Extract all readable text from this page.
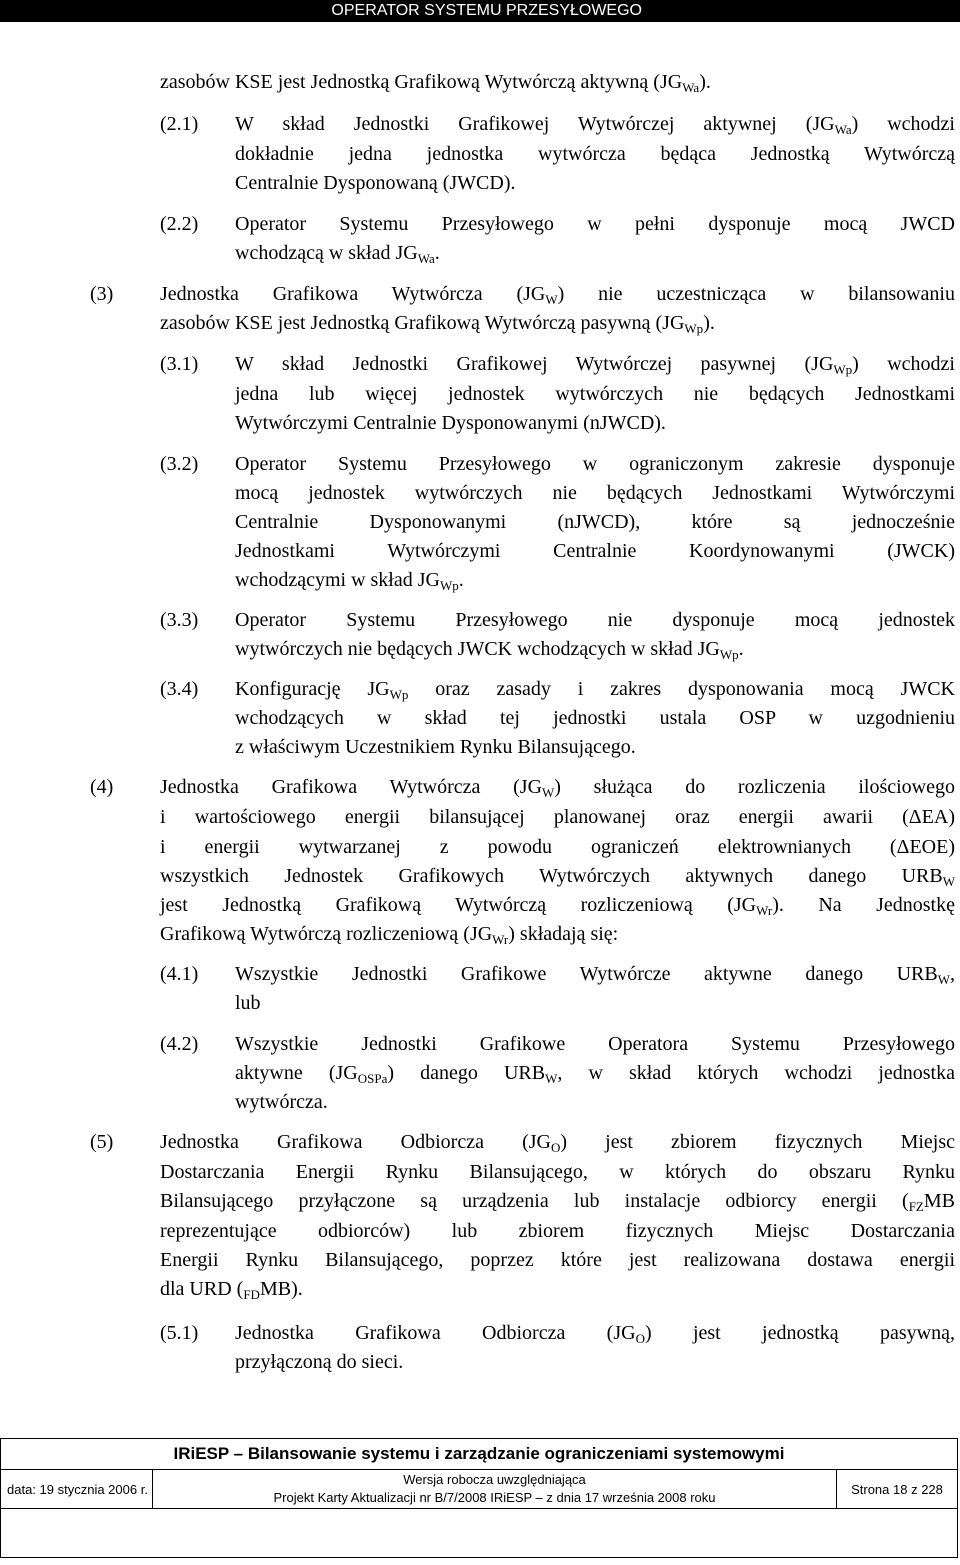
OPERATOR SYSTEMU PRZESYŁOWEGO
zasobów KSE jest Jednostką Grafikową Wytwórczą aktywną $(JG_{Wa})$.
(2.1) W skład Jednostki Grafikowej Wytwórczej aktywnej $(JG_{Wa})$ wchodzi
dokładnie jedna jednostka wytwórcza będąca Jednostką Wytwórczą
Centralnie Dysponowaną (JWCD).
(2.2) Operator Systemu Przesyłowego w pełni dysponuje mocą JWCD
wchodzącą w skład $JG_{Wa}$.
(3) Jednostka Grafikowa Wytwórcza $(JG_W)$ nie uczestnicząca w bilansowaniu
zasobów KSE jest Jednostką Grafikową Wytwórczą pasywną $(JG_{Wp})$.
(3.1) W skład Jednostki Grafikowej Wytwórczej pasywnej $(JG_{Wp})$ wchodzi
jedna lub więcej jednostek wytwórczych nie będących Jednostkami
Wytwórczymi Centralnie Dysponowanymi (nJWCD).
(3.2) Operator Systemu Przesyłowego w ograniczonym zakresie dysponuje
mocą jednostek wytwórczych nie będących Jednostkami Wytwórczymi
Centralnie Dysponowanymi (nJWCD), które są jednocześnie
Jednostkami Wytwórczymi Centralnie Koordynowanymi (JWCK)
wchodzącymi w skład $JG_{Wp}$.
(3.3) Operator Systemu Przesyłowego nie dysponuje mocą jednostek
wytwórczych nie będących JWCK wchodzących w skład $JG_{Wp}$.
(3.4) Konfigurację $JG_{Wp}$ oraz zasady i zakres dysponowania mocą JWCK
wchodzących w skład tej jednostki ustala OSP w uzgodnieniu
z właściwym Uczestnikiem Rynku Bilansującego.
(4) Jednostka Grafikowa Wytwórcza $(JG_W)$ służąca do rozliczenia ilościowego
i wartościowego energii bilansującej planowanej oraz energii awarii (ΔEA)
i energii wytwarzanej z powodu ograniczeń elektrownianych (ΔEOE)
wszystkich Jednostek Grafikowych Wytwórczych aktywnych danego $URB_W$
jest Jednostką Grafikową Wytwórczą rozliczeniową $(JG_{Wr})$. Na Jednostkę
Grafikową Wytwórczą rozliczeniową $(JG_{Wr})$ składają się:
(4.1) Wszystkie Jednostki Grafikowe Wytwórcze aktywne danego $URB_W$,
lub
(4.2) Wszystkie Jednostki Grafikowe Operatora Systemu Przesyłowego
aktywne $(JG_{OSPa})$ danego $URB_W$, w skład których wchodzi jednostka
wytwórcza.
(5) Jednostka Grafikowa Odbiorcza $(JG_O)$ jest zbiorem fizycznych Miejsc
Dostarczania Energii Rynku Bilansującego, w których do obszaru Rynku
Bilansującego przyłączone są urządzenia lub instalacje odbiorcy energii ($_{FZ}MB$
reprezentujące odbiorców) lub zbiorem fizycznych Miejsc Dostarczania
Energii Rynku Bilansującego, poprzez które jest realizowana dostawa energii
dla URD $(_{FD}MB)$.
(5.1) Jednostka Grafikowa Odbiorcza $(JG_O)$ jest jednostką pasywną,
przyłączoną do sieci.
IRiESP – Bilansowanie systemu i zarządzanie ograniczeniami systemowymi
data: 19 stycznia 2006 r.	
Wersja robocza uwzględniająca
Projekt Karty Aktualizacji nr B/7/2008 IRiESP – z dnia 17 września 2008 roku
	Strona 18 z 228
